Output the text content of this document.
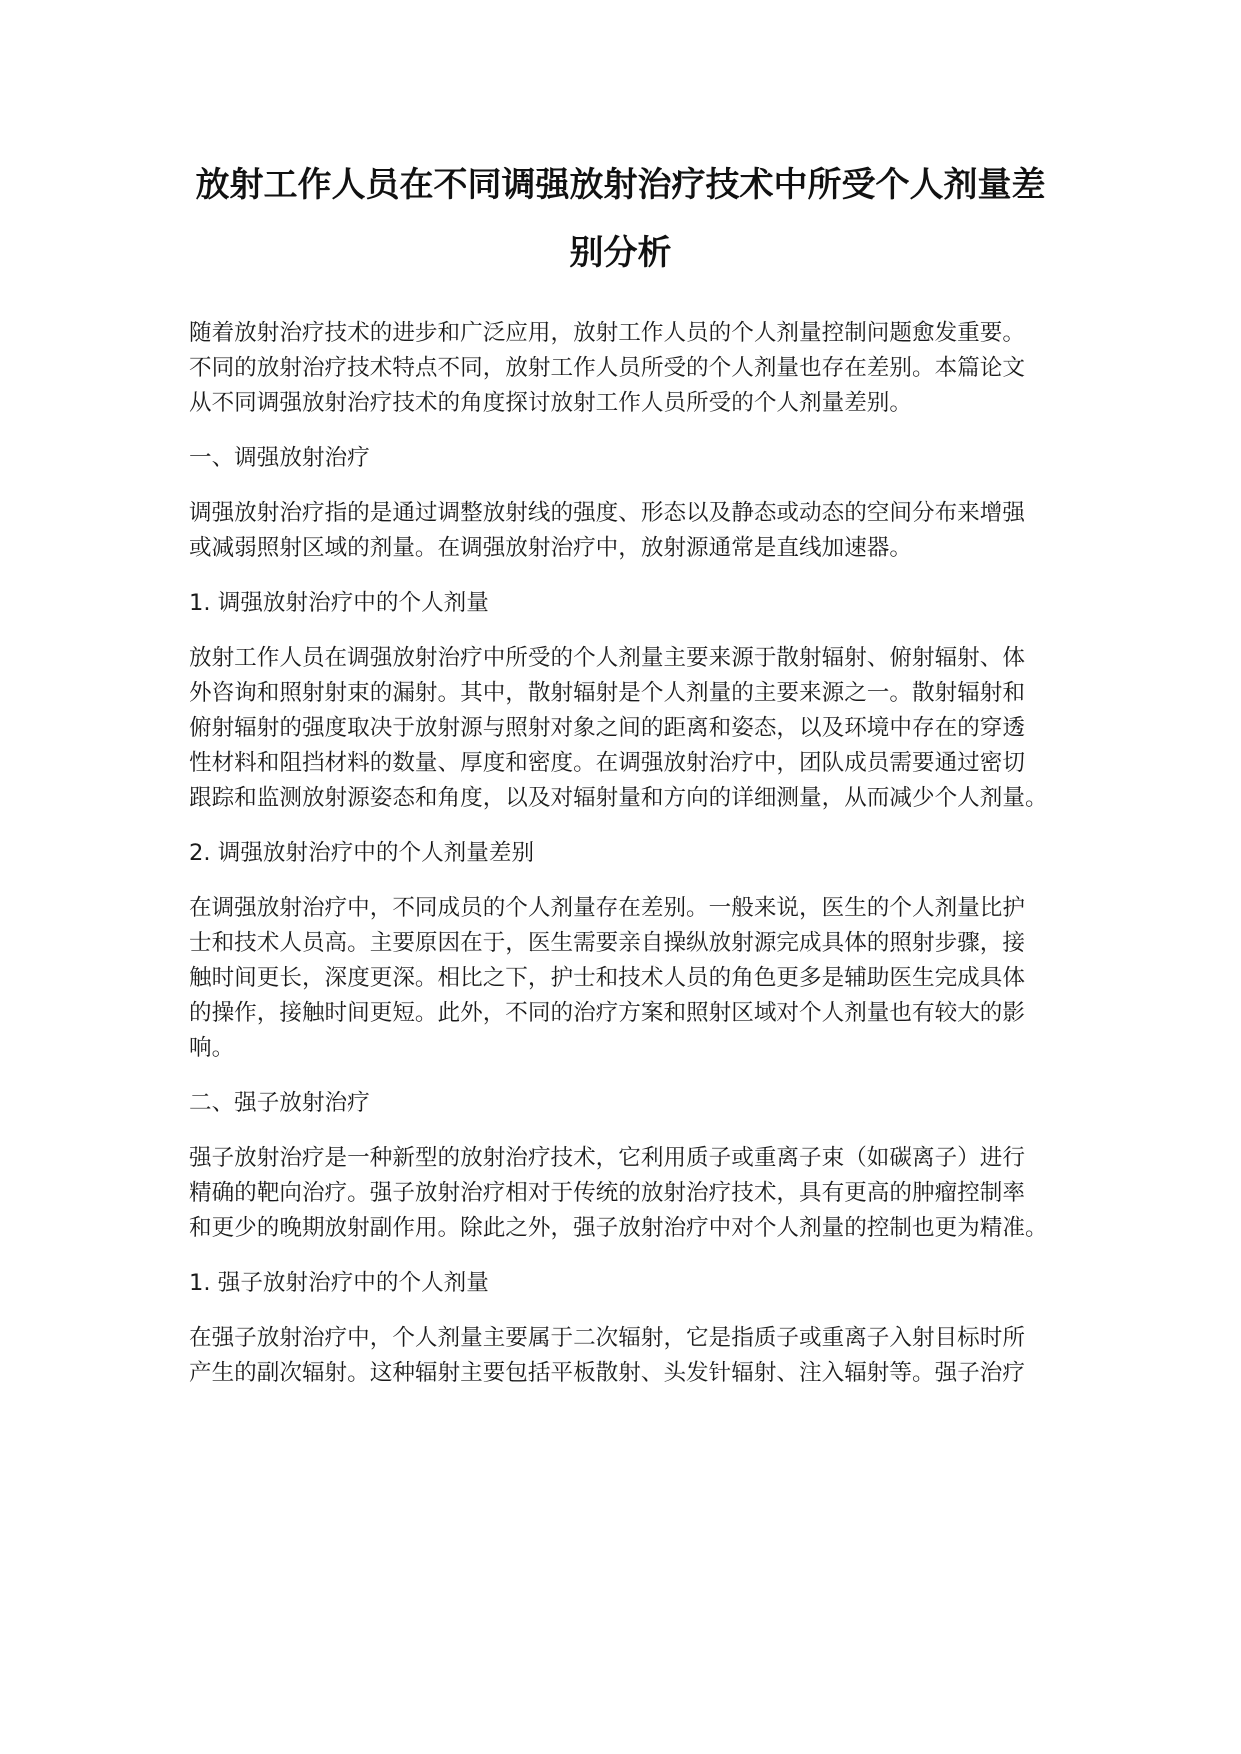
放射工作人员在不同调强放射治疗技术中所受个人剂量差
别分析
随着放射治疗技术的进步和广泛应用，放射工作人员的个人剂量控制问题愈发重要。
不同的放射治疗技术特点不同，放射工作人员所受的个人剂量也存在差别。本篇论文
从不同调强放射治疗技术的角度探讨放射工作人员所受的个人剂量差别。
一、调强放射治疗
调强放射治疗指的是通过调整放射线的强度、形态以及静态或动态的空间分布来增强
或减弱照射区域的剂量。在调强放射治疗中，放射源通常是直线加速器。
1. 调强放射治疗中的个人剂量
放射工作人员在调强放射治疗中所受的个人剂量主要来源于散射辐射、俯射辐射、体
外咨询和照射射束的漏射。其中，散射辐射是个人剂量的主要来源之一。散射辐射和
俯射辐射的强度取决于放射源与照射对象之间的距离和姿态，以及环境中存在的穿透
性材料和阻挡材料的数量、厚度和密度。在调强放射治疗中，团队成员需要通过密切
跟踪和监测放射源姿态和角度，以及对辐射量和方向的详细测量，从而减少个人剂量。
2. 调强放射治疗中的个人剂量差别
在调强放射治疗中，不同成员的个人剂量存在差别。一般来说，医生的个人剂量比护
士和技术人员高。主要原因在于，医生需要亲自操纵放射源完成具体的照射步骤，接
触时间更长，深度更深。相比之下，护士和技术人员的角色更多是辅助医生完成具体
的操作，接触时间更短。此外，不同的治疗方案和照射区域对个人剂量也有较大的影
响。
二、强子放射治疗
强子放射治疗是一种新型的放射治疗技术，它利用质子或重离子束（如碳离子）进行
精确的靶向治疗。强子放射治疗相对于传统的放射治疗技术，具有更高的肿瘤控制率
和更少的晚期放射副作用。除此之外，强子放射治疗中对个人剂量的控制也更为精准。
1. 强子放射治疗中的个人剂量
在强子放射治疗中，个人剂量主要属于二次辐射，它是指质子或重离子入射目标时所
产生的副次辐射。这种辐射主要包括平板散射、头发针辐射、注入辐射等。强子治疗
